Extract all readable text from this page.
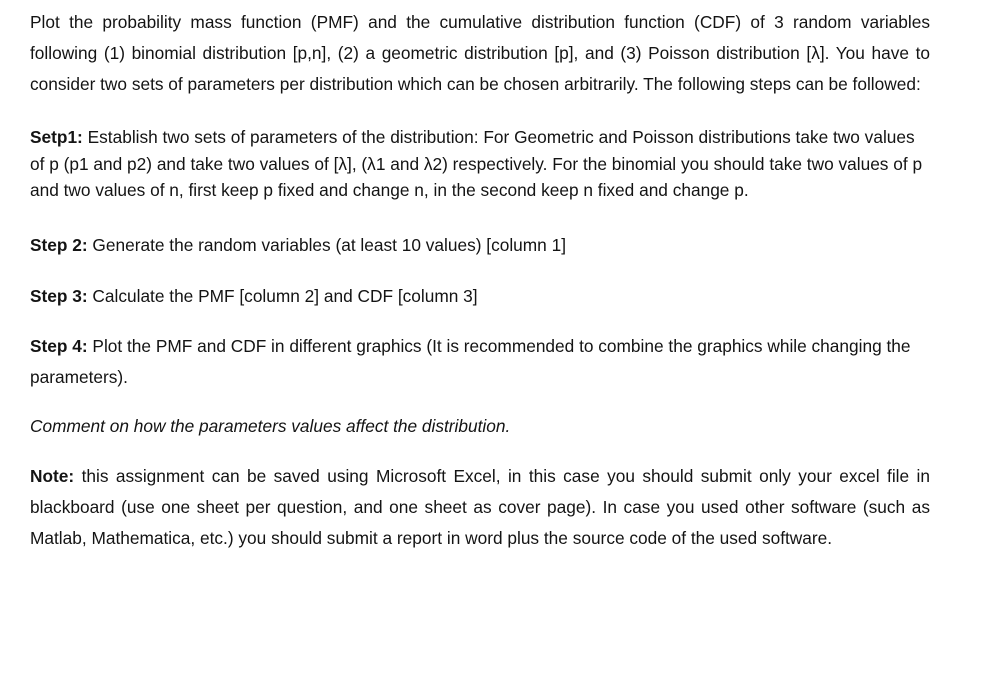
Plot the probability mass function (PMF) and the cumulative distribution function (CDF) of 3 random variables following (1) binomial distribution [p,n], (2) a geometric distribution [p], and (3) Poisson distribution [λ]. You have to consider two sets of parameters per distribution which can be chosen arbitrarily. The following steps can be followed:

Setp1: Establish two sets of parameters of the distribution: For Geometric and Poisson distributions take two values of p (p1 and p2) and take two values of [λ], (λ1 and λ2) respectively. For the binomial you should take two values of p and two values of n, first keep p fixed and change n, in the second keep n fixed and change p.

Step 2: Generate the random variables (at least 10 values) [column 1]

Step 3: Calculate the PMF [column 2] and CDF [column 3]

Step 4: Plot the PMF and CDF in different graphics (It is recommended to combine the graphics while changing the parameters).

Comment on how the parameters values affect the distribution.

Note: this assignment can be saved using Microsoft Excel, in this case you should submit only your excel file in blackboard (use one sheet per question, and one sheet as cover page). In case you used other software (such as Matlab, Mathematica, etc.) you should submit a report in word plus the source code of the used software.
